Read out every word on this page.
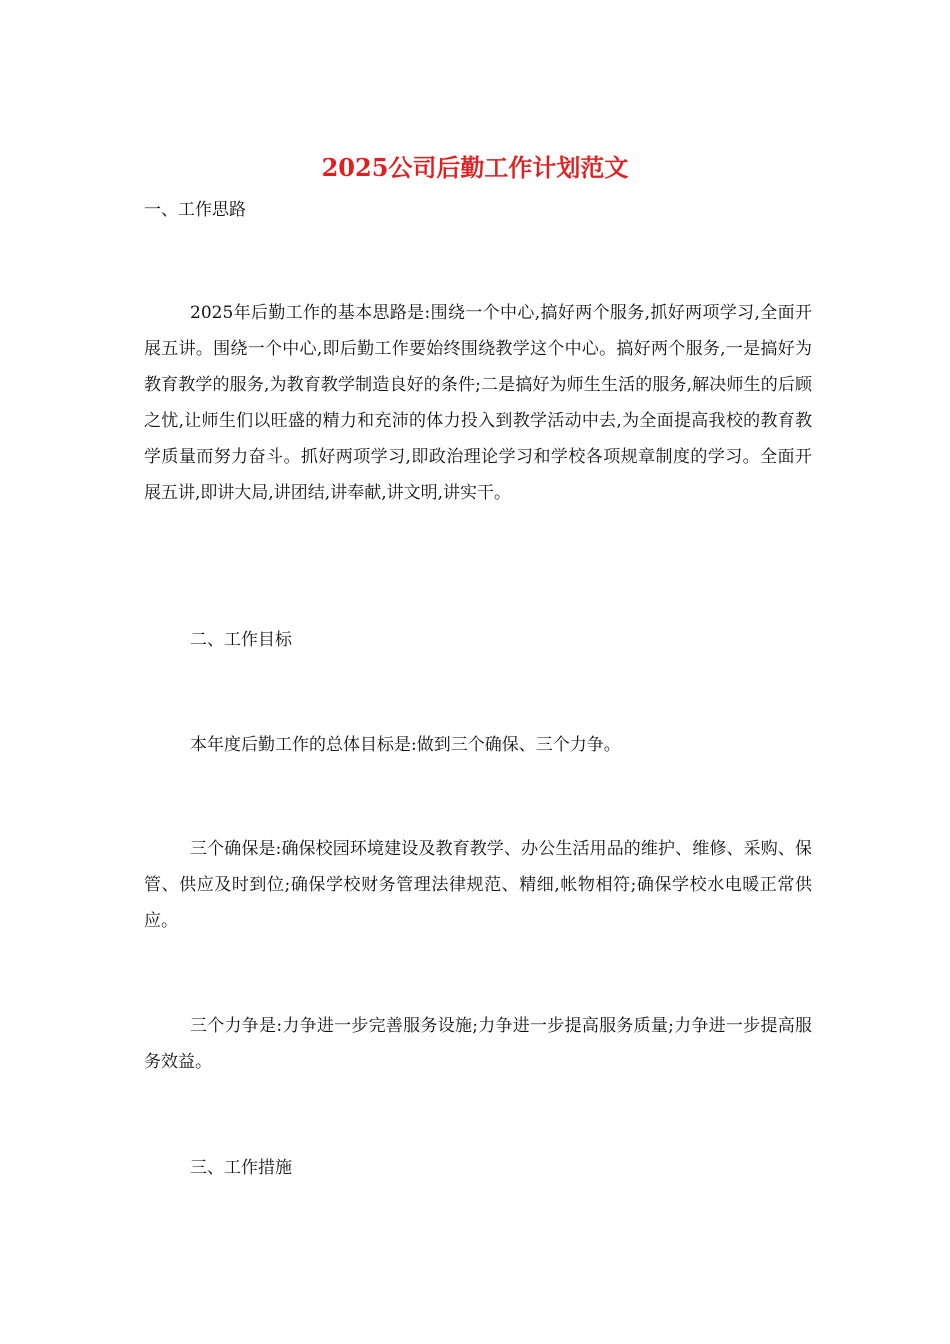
2025公司后勤工作计划范文

一、工作思路

2025年后勤工作的基本思路是:围绕一个中心,搞好两个服务,抓好两项学习,全面开展五讲。围绕一个中心,即后勤工作要始终围绕教学这个中心。搞好两个服务,一是搞好为教育教学的服务,为教育教学制造良好的条件;二是搞好为师生生活的服务,解决师生的后顾之忧,让师生们以旺盛的精力和充沛的体力投入到教学活动中去,为全面提高我校的教育教学质量而努力奋斗。抓好两项学习,即政治理论学习和学校各项规章制度的学习。全面开展五讲,即讲大局,讲团结,讲奉献,讲文明,讲实干。

二、工作目标

本年度后勤工作的总体目标是:做到三个确保、三个力争。

三个确保是:确保校园环境建设及教育教学、办公生活用品的维护、维修、采购、保管、供应及时到位;确保学校财务管理法律规范、精细,帐物相符;确保学校水电暖正常供应。

三个力争是:力争进一步完善服务设施;力争进一步提高服务质量;力争进一步提高服务效益。

三、工作措施
